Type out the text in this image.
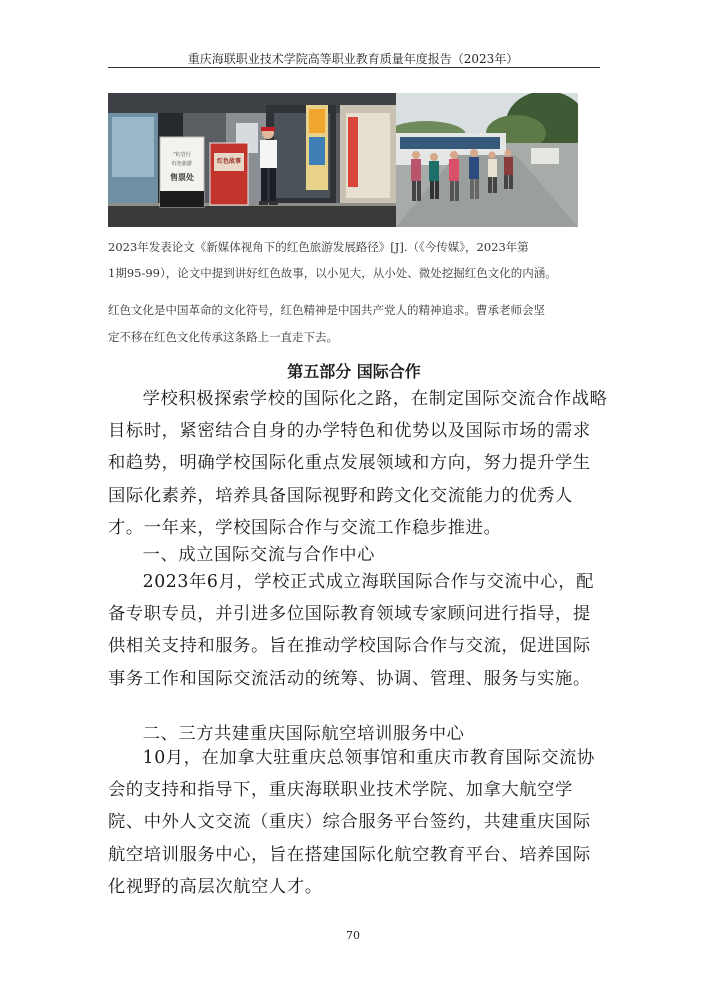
重庆海联职业技术学院高等职业教育质量年度报告（2023年）
“红岩行
红色旅游
售票处
红色故事
2023年发表论文《新媒体视角下的红色旅游发展路径》[J].（《今传媒》，2023年第
1期95-99），论文中提到讲好红色故事，以小见大，从小处、微处挖掘红色文化的内涵。
红色文化是中国革命的文化符号，红色精神是中国共产党人的精神追求。曹承老师会坚
定不移在红色文化传承这条路上一直走下去。
第五部分 国际合作
学校积极探索学校的国际化之路，在制定国际交流合作战略目标时，紧密结合自身的办学特色和优势以及国际市场的需求和趋势，明确学校国际化重点发展领域和方向，努力提升学生国际化素养，培养具备国际视野和跨文化交流能力的优秀人才。一年来，学校国际合作与交流工作稳步推进。
一、成立国际交流与合作中心
2023年6月，学校正式成立海联国际合作与交流中心，配备专职专员，并引进多位国际教育领域专家顾问进行指导，提供相关支持和服务。旨在推动学校国际合作与交流，促进国际事务工作和国际交流活动的统筹、协调、管理、服务与实施。
二、三方共建重庆国际航空培训服务中心
10月，在加拿大驻重庆总领事馆和重庆市教育国际交流协会的支持和指导下，重庆海联职业技术学院、加拿大航空学院、中外人文交流（重庆）综合服务平台签约，共建重庆国际航空培训服务中心，旨在搭建国际化航空教育平台、培养国际化视野的高层次航空人才。
70
